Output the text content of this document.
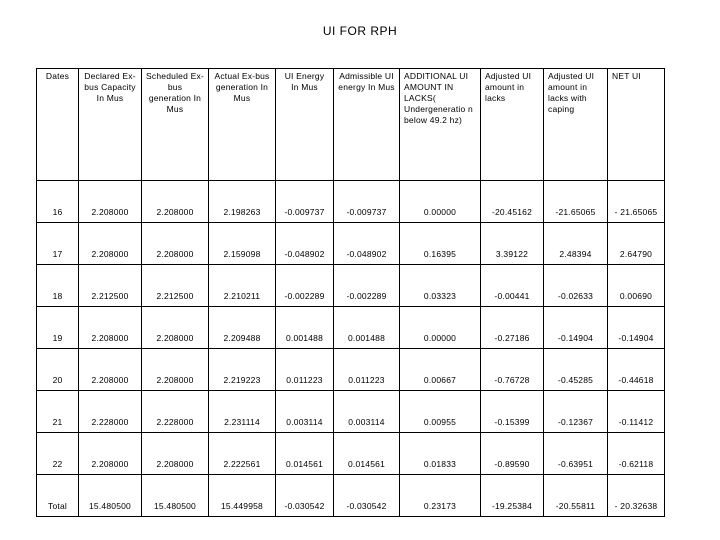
UI FOR RPH
Dates	Declared Ex-bus Capacity In Mus	Scheduled Ex-bus generation In Mus	Actual Ex-bus generation In Mus	UI Energy In Mus	Admissible UI energy In Mus	ADDITIONAL UI AMOUNT IN LACKS( Undergeneratio n below 49.2 hz)	Adjusted UI amount in lacks	Adjusted UI amount in lacks with caping	NET UI
16	2.208000	2.208000	2.198263	-0.009737	-0.009737	0.00000	-20.45162	-21.65065	- 21.65065
17	2.208000	2.208000	2.159098	-0.048902	-0.048902	0.16395	3.39122	2.48394	2.64790
18	2.212500	2.212500	2.210211	-0.002289	-0.002289	0.03323	-0.00441	-0.02633	0.00690
19	2.208000	2.208000	2.209488	0.001488	0.001488	0.00000	-0.27186	-0.14904	-0.14904
20	2.208000	2.208000	2.219223	0.011223	0.011223	0.00667	-0.76728	-0.45285	-0.44618
21	2.228000	2.228000	2.231114	0.003114	0.003114	0.00955	-0.15399	-0.12367	-0.11412
22	2.208000	2.208000	2.222561	0.014561	0.014561	0.01833	-0.89590	-0.63951	-0.62118
Total	15.480500	15.480500	15.449958	-0.030542	-0.030542	0.23173	-19.25384	-20.55811	- 20.32638
